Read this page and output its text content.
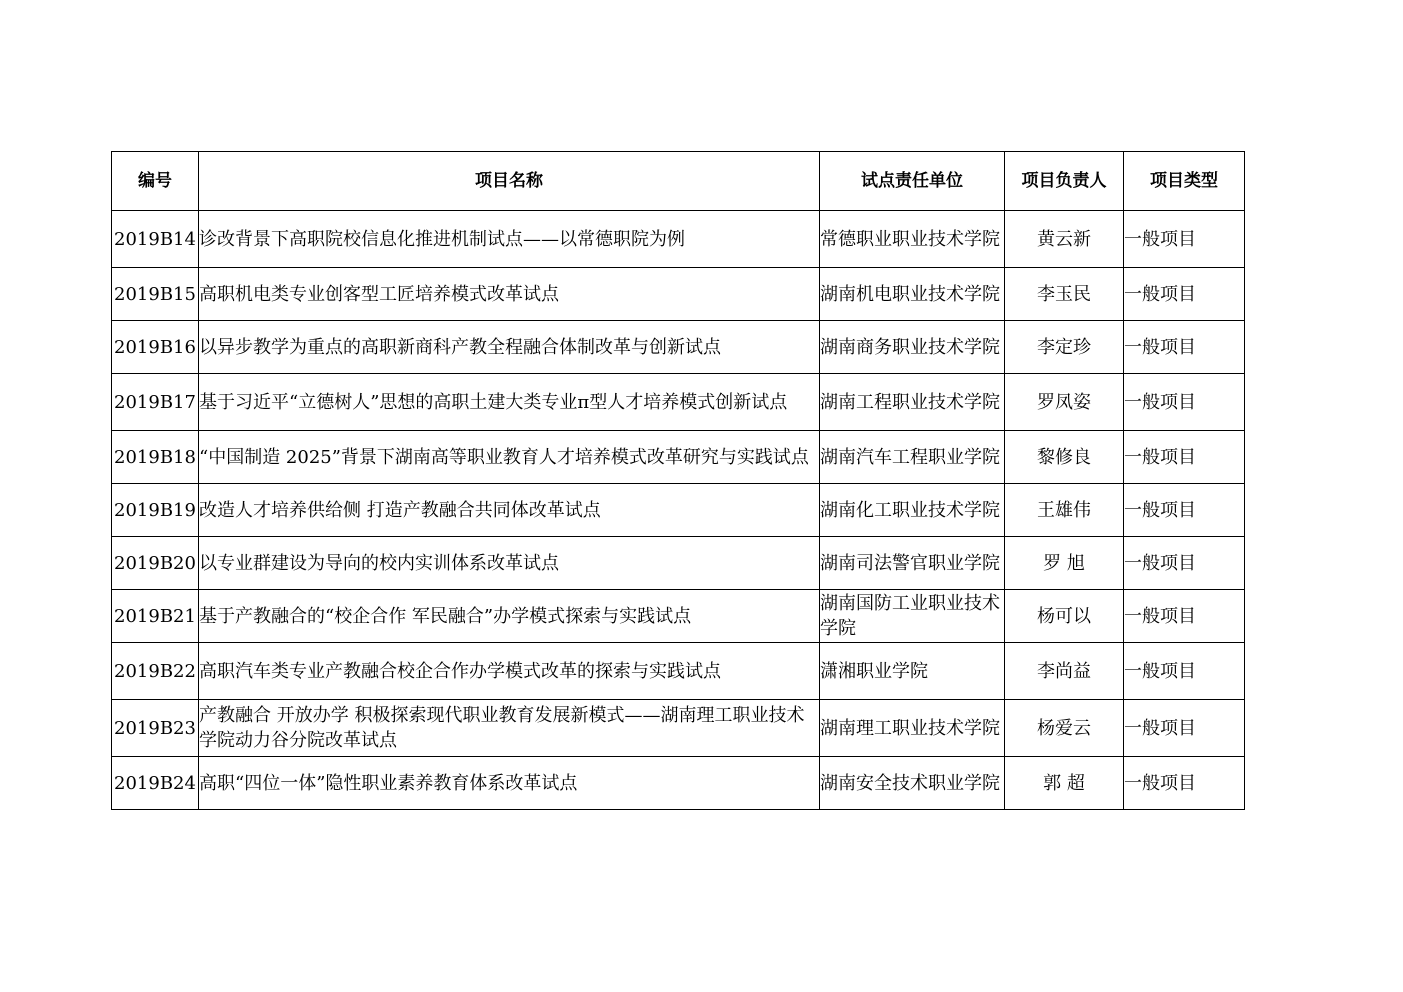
编号	项目名称	试点责任单位	项目负责人	项目类型
2019B14	诊改背景下高职院校信息化推进机制试点——以常德职院为例	常德职业职业技术学院	黄云新	一般项目
2019B15	高职机电类专业创客型工匠培养模式改革试点	湖南机电职业技术学院	李玉民	一般项目
2019B16	以异步教学为重点的高职新商科产教全程融合体制改革与创新试点	湖南商务职业技术学院	李定珍	一般项目
2019B17	基于习近平“立德树人”思想的高职土建大类专业π型人才培养模式创新试点	湖南工程职业技术学院	罗凤姿	一般项目
2019B18	“中国制造 2025”背景下湖南高等职业教育人才培养模式改革研究与实践试点	湖南汽车工程职业学院	黎修良	一般项目
2019B19	改造人才培养供给侧 打造产教融合共同体改革试点	湖南化工职业技术学院	王雄伟	一般项目
2019B20	以专业群建设为导向的校内实训体系改革试点	湖南司法警官职业学院	罗 旭	一般项目
2019B21	基于产教融合的“校企合作 军民融合”办学模式探索与实践试点	湖南国防工业职业技术学院	杨可以	一般项目
2019B22	高职汽车类专业产教融合校企合作办学模式改革的探索与实践试点	潇湘职业学院	李尚益	一般项目
2019B23	产教融合 开放办学 积极探索现代职业教育发展新模式——湖南理工职业技术学院动力谷分院改革试点	湖南理工职业技术学院	杨爱云	一般项目
2019B24	高职“四位一体”隐性职业素养教育体系改革试点	湖南安全技术职业学院	郭 超	一般项目
